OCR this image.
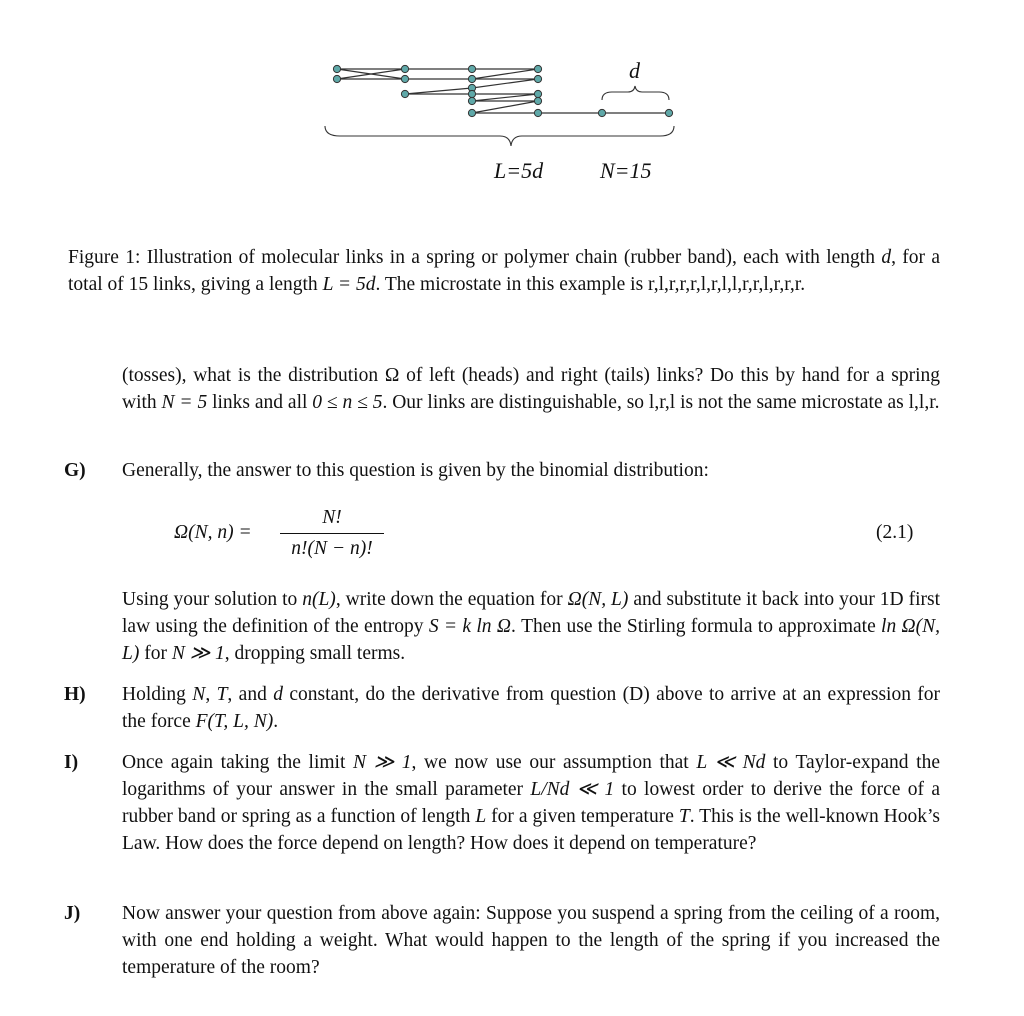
d
L=5d	N=15
Figure 1: Illustration of molecular links in a spring or polymer chain (rubber band), each with length d, for a total of 15 links, giving a length L = 5d. The microstate in this example is r,l,r,r,r,l,r,l,l,r,r,l,r,r,r.
(tosses), what is the distribution Ω of left (heads) and right (tails) links? Do this by hand for a spring with N = 5 links and all 0 ≤ n ≤ 5. Our links are distinguishable, so l,r,l is not the same microstate as l,l,r.
G)	Generally, the answer to this question is given by the binomial distribution:
Ω(N, n) =
N!
n!(N − n)!
(2.1)
Using your solution to n(L), write down the equation for Ω(N, L) and substitute it back into your 1D first law using the definition of the entropy S = k ln Ω. Then use the Stirling formula to approximate ln Ω(N, L) for N ≫ 1, dropping small terms.
H)	Holding N, T, and d constant, do the derivative from question (D) above to arrive at an expression for the force F(T, L, N).
I)	Once again taking the limit N ≫ 1, we now use our assumption that L ≪ Nd to Taylor-expand the logarithms of your answer in the small parameter L/Nd ≪ 1 to lowest order to derive the force of a rubber band or spring as a function of length L for a given temperature T. This is the well-known Hook’s Law. How does the force depend on length? How does it depend on temperature?
J)	Now answer your question from above again: Suppose you suspend a spring from the ceiling of a room, with one end holding a weight. What would happen to the length of the spring if you increased the temperature of the room?
